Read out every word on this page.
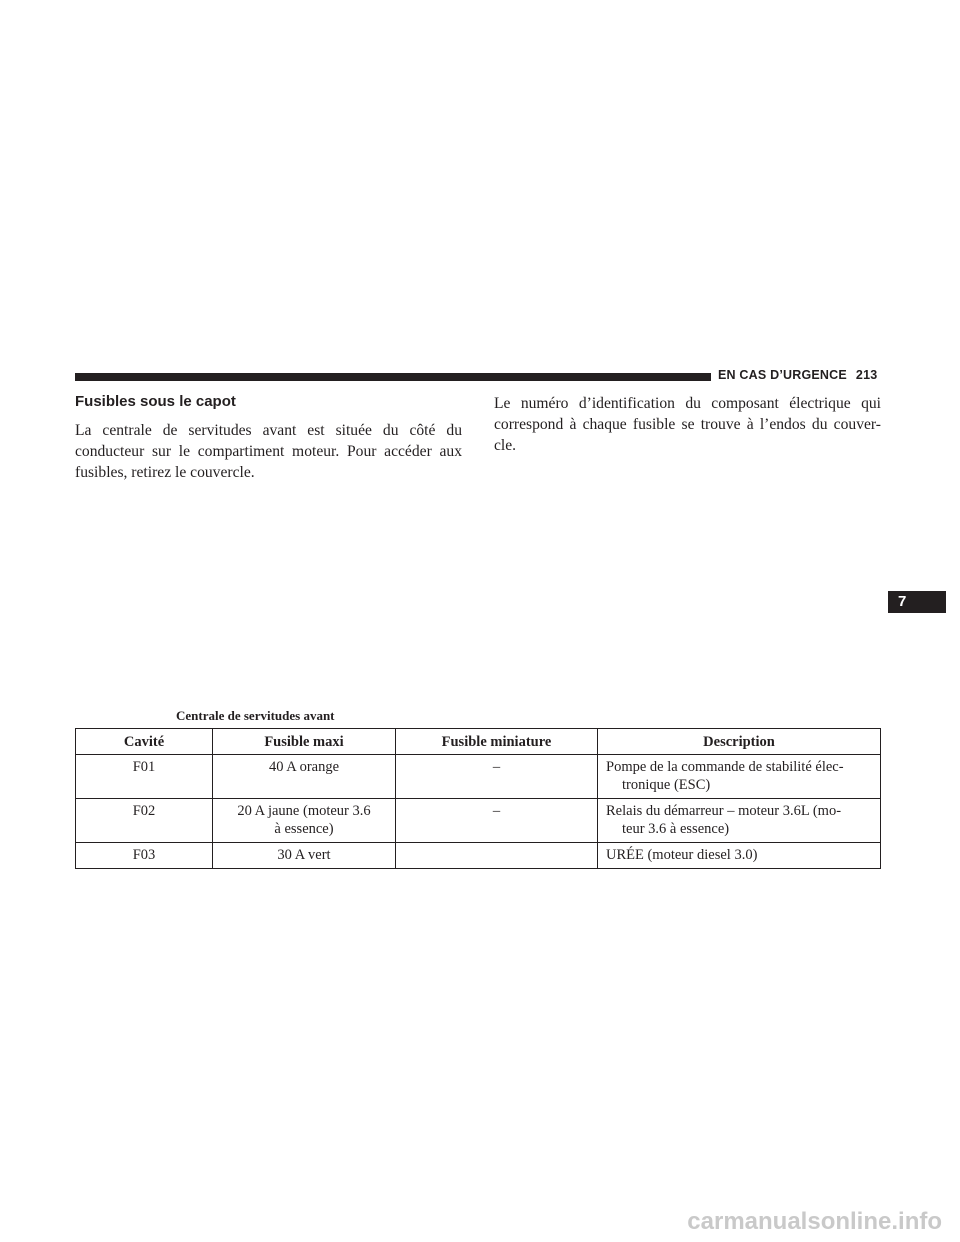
EN CAS D’URGENCE 213
Fusibles sous le capot
La centrale de servitudes avant est située du côté du conducteur sur le compartiment moteur. Pour accéder aux fusibles, retirez le couvercle.
Le numéro d’identification du composant électrique qui correspond à chaque fusible se trouve à l’endos du couver-cle.
7
Centrale de servitudes avant
Cavité	Fusible maxi	Fusible miniature	Description
F01	40 A orange	–	Pompe de la commande de stabilité élec-
tronique (ESC)

F02	20 A jaune (moteur 3.6
à essence)	–	Relais du démarreur – moteur 3.6L (mo-
teur 3.6 à essence)

F03	30 A vert		URÉE (moteur diesel 3.0)
carmanualsonline.info
